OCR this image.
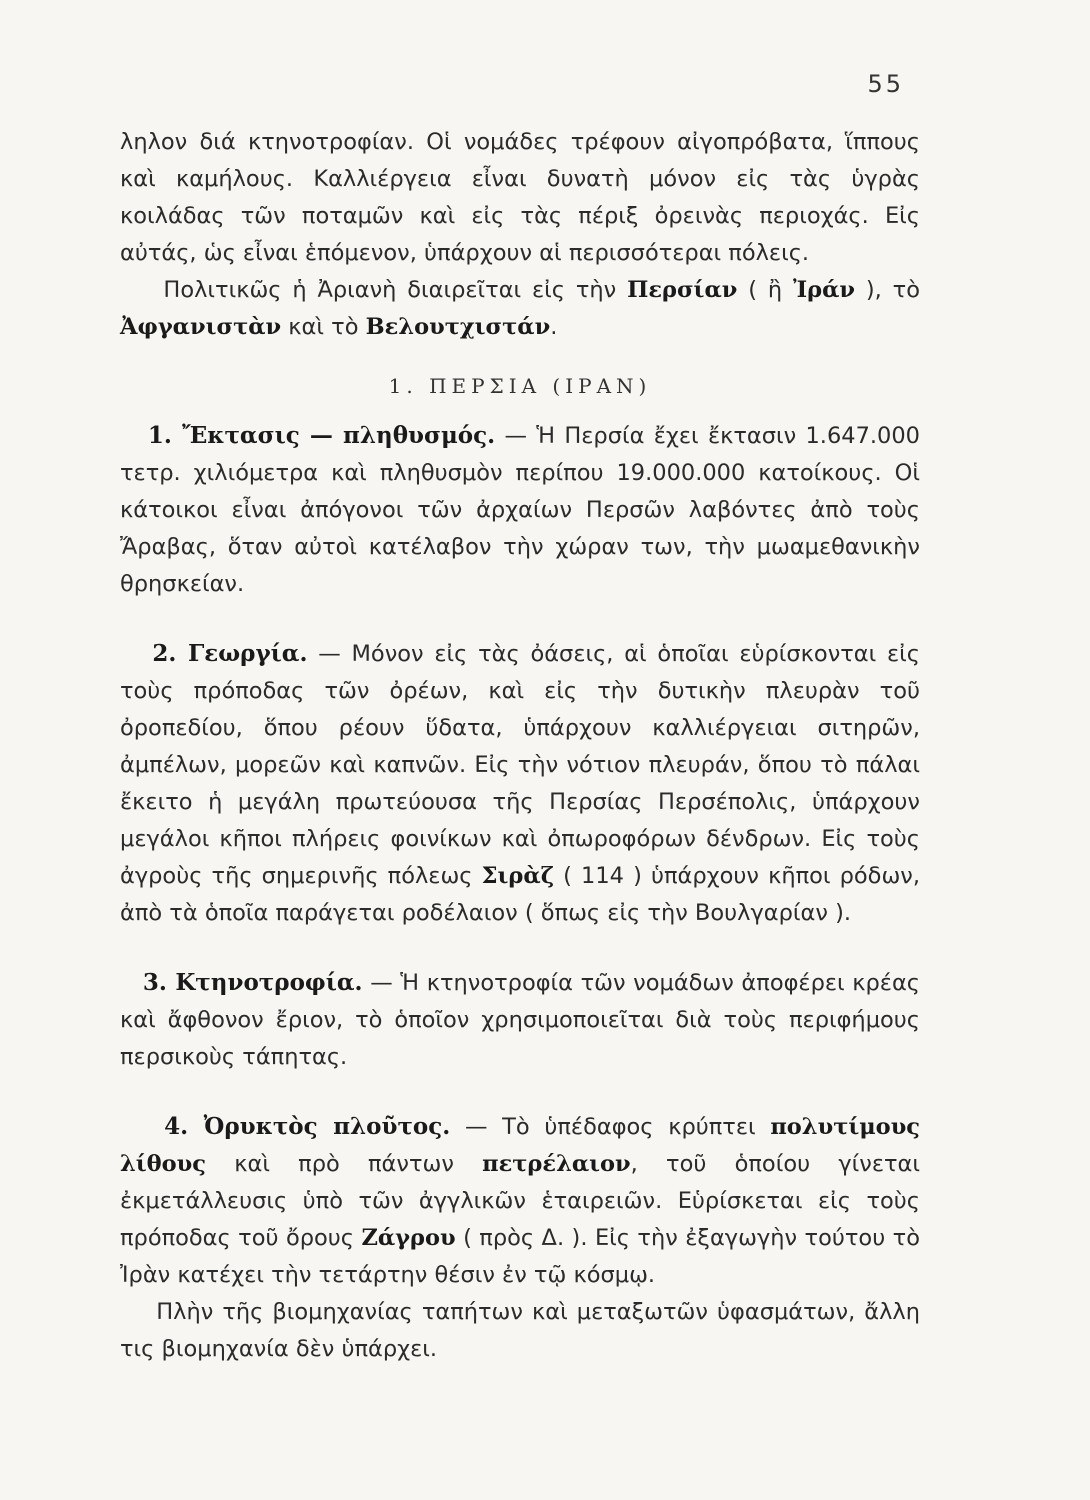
55

ληλον διά κτηνοτροφίαν. Οἱ νομάδες τρέφουν αἰγοπρόβατα, ἵππους καὶ καμήλους. Καλλιέργεια εἶναι δυνατὴ μόνον εἰς τὰς ὑγρὰς κοιλάδας τῶν ποταμῶν καὶ εἰς τὰς πέριξ ὀρεινὰς περιοχάς. Εἰς αὐτάς, ὡς εἶναι ἑπόμενον, ὑπάρχουν αἱ περισσότεραι πόλεις.

Πολιτικῶς ἡ Ἀριανὴ διαιρεῖται εἰς τὴν Περσίαν ( ἢ Ἰράν ), τὸ Ἀφγανιστὰν καὶ τὸ Βελουτχιστάν.

1. ΠΕΡΣΙΑ (ΙΡΑΝ)

1. Ἔκτασις — πληθυσμός. — Ἡ Περσία ἔχει ἔκτασιν 1.647.000 τετρ. χιλιόμετρα καὶ πληθυσμὸν περίπου 19.000.000 κατοίκους. Οἱ κάτοικοι εἶναι ἀπόγονοι τῶν ἀρχαίων Περσῶν λαβόντες ἀπὸ τοὺς Ἄραβας, ὅταν αὐτοὶ κατέλαβον τὴν χώραν των, τὴν μωαμεθανικὴν θρησκείαν.

2. Γεωργία. — Μόνον εἰς τὰς ὀάσεις, αἱ ὁποῖαι εὑρίσκονται εἰς τοὺς πρόποδας τῶν ὀρέων, καὶ εἰς τὴν δυτικὴν πλευρὰν τοῦ ὀροπεδίου, ὅπου ρέουν ὕδατα, ὑπάρχουν καλλιέργειαι σιτηρῶν, ἀμπέλων, μορεῶν καὶ καπνῶν. Εἰς τὴν νότιον πλευράν, ὅπου τὸ πάλαι ἔκειτο ἡ μεγάλη πρωτεύουσα τῆς Περσίας Περσέπολις, ὑπάρχουν μεγάλοι κῆποι πλήρεις φοινίκων καὶ ὀπωροφόρων δένδρων. Εἰς τοὺς ἀγροὺς τῆς σημερινῆς πόλεως Σιρὰζ ( 114 ) ὑπάρχουν κῆποι ρόδων, ἀπὸ τὰ ὁποῖα παράγεται ροδέλαιον ( ὅπως εἰς τὴν Βουλγαρίαν ).

3. Κτηνοτροφία. — Ἡ κτηνοτροφία τῶν νομάδων ἀποφέρει κρέας καὶ ἄφθονον ἔριον, τὸ ὁποῖον χρησιμοποιεῖται διὰ τοὺς περιφήμους περσικοὺς τάπητας.

4. Ὀρυκτὸς πλοῦτος. — Τὸ ὑπέδαφος κρύπτει πολυτίμους λίθους καὶ πρὸ πάντων πετρέλαιον, τοῦ ὁποίου γίνεται ἐκμετάλλευσις ὑπὸ τῶν ἀγγλικῶν ἑταιρειῶν. Εὑρίσκεται εἰς τοὺς πρόποδας τοῦ ὄρους Ζάγρου ( πρὸς Δ. ). Εἰς τὴν ἐξαγωγὴν τούτου τὸ Ἰρὰν κατέχει τὴν τετάρτην θέσιν ἐν τῷ κόσμῳ.

Πλὴν τῆς βιομηχανίας ταπήτων καὶ μεταξωτῶν ὑφασμάτων, ἄλλη τις βιομηχανία δὲν ὑπάρχει.
